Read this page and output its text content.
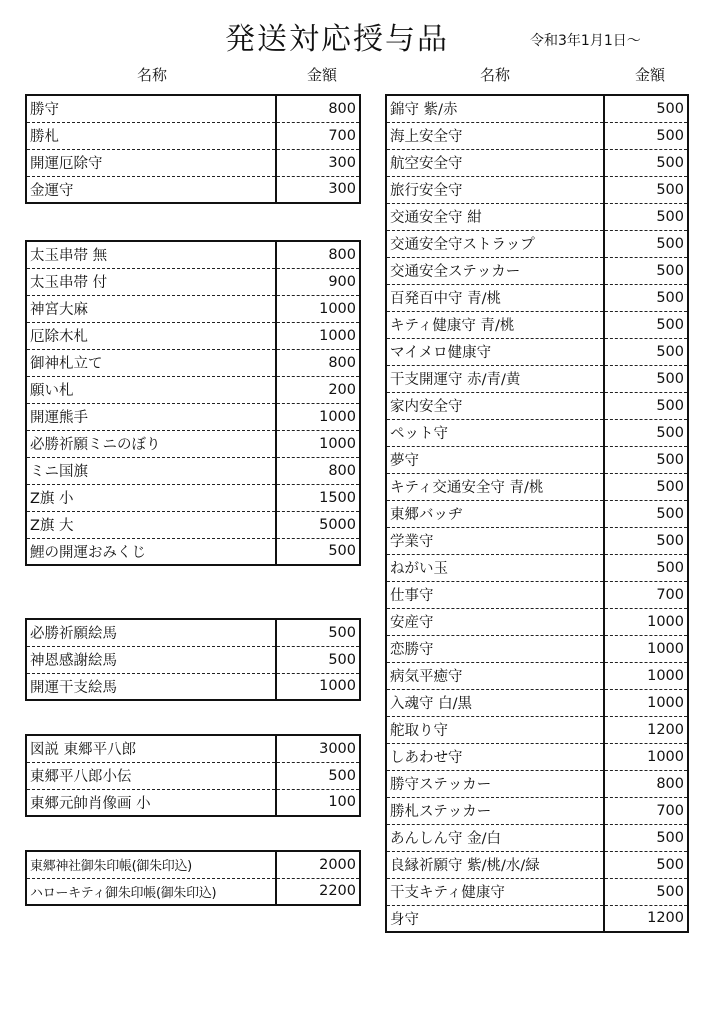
発送対応授与品	令和3年1月1日～
名称	金額	名称	金額
勝守	800
勝札	700
開運厄除守	300
金運守	300
太玉串帯 無	800
太玉串帯 付	900
神宮大麻	1000
厄除木札	1000
御神札立て	800
願い札	200
開運熊手	1000
必勝祈願ミニのぼり	1000
ミニ国旗	800
Z旗 小	1500
Z旗 大	5000
鯉の開運おみくじ	500
必勝祈願絵馬	500
神恩感謝絵馬	500
開運干支絵馬	1000
図説 東郷平八郎	3000
東郷平八郎小伝	500
東郷元帥肖像画 小	100
東郷神社御朱印帳(御朱印込)	2000
ハローキティ御朱印帳(御朱印込)	2200
錦守 紫/赤	500
海上安全守	500
航空安全守	500
旅行安全守	500
交通安全守 紺	500
交通安全守ストラップ	500
交通安全ステッカー	500
百発百中守 青/桃	500
キティ健康守 青/桃	500
マイメロ健康守	500
干支開運守 赤/青/黄	500
家内安全守	500
ペット守	500
夢守	500
キティ交通安全守 青/桃	500
東郷バッヂ	500
学業守	500
ねがい玉	500
仕事守	700
安産守	1000
恋勝守	1000
病気平癒守	1000
入魂守 白/黒	1000
舵取り守	1200
しあわせ守	1000
勝守ステッカー	800
勝札ステッカー	700
あんしん守 金/白	500
良縁祈願守 紫/桃/水/緑	500
干支キティ健康守	500
身守	1200
